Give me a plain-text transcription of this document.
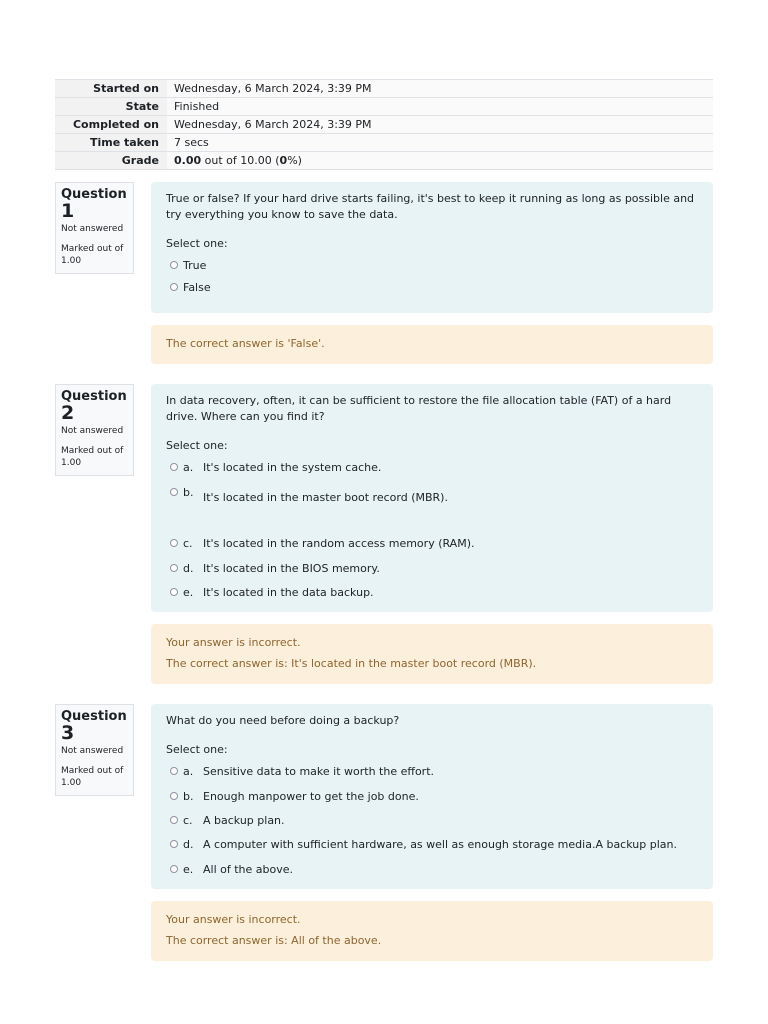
Started on	Wednesday, 6 March 2024, 3:39 PM
State	Finished
Completed on	Wednesday, 6 March 2024, 3:39 PM
Time taken	7 secs
Grade	0.00 out of 10.00 (0%)
Question
1
Not answered
Marked out of 1.00

True or false? If your hard drive starts failing, it's best to keep it running as long as possible and try everything you know to save the data.

Select one:
True
False
The correct answer is 'False'.
Question
2
Not answered
Marked out of 1.00

In data recovery, often, it can be sufficient to restore the file allocation table (FAT) of a hard drive. Where can you find it?

Select one:
a. It's located in the system cache.
b. It's located in the master boot record (MBR).
c. It's located in the random access memory (RAM).
d. It's located in the BIOS memory.
e. It's located in the data backup.
Your answer is incorrect.
The correct answer is: It's located in the master boot record (MBR).
Question
3
Not answered
Marked out of 1.00

What do you need before doing a backup?

Select one:
a. Sensitive data to make it worth the effort.
b. Enough manpower to get the job done.
c. A backup plan.
d. A computer with sufficient hardware, as well as enough storage media.A backup plan.
e. All of the above.
Your answer is incorrect.
The correct answer is: All of the above.
